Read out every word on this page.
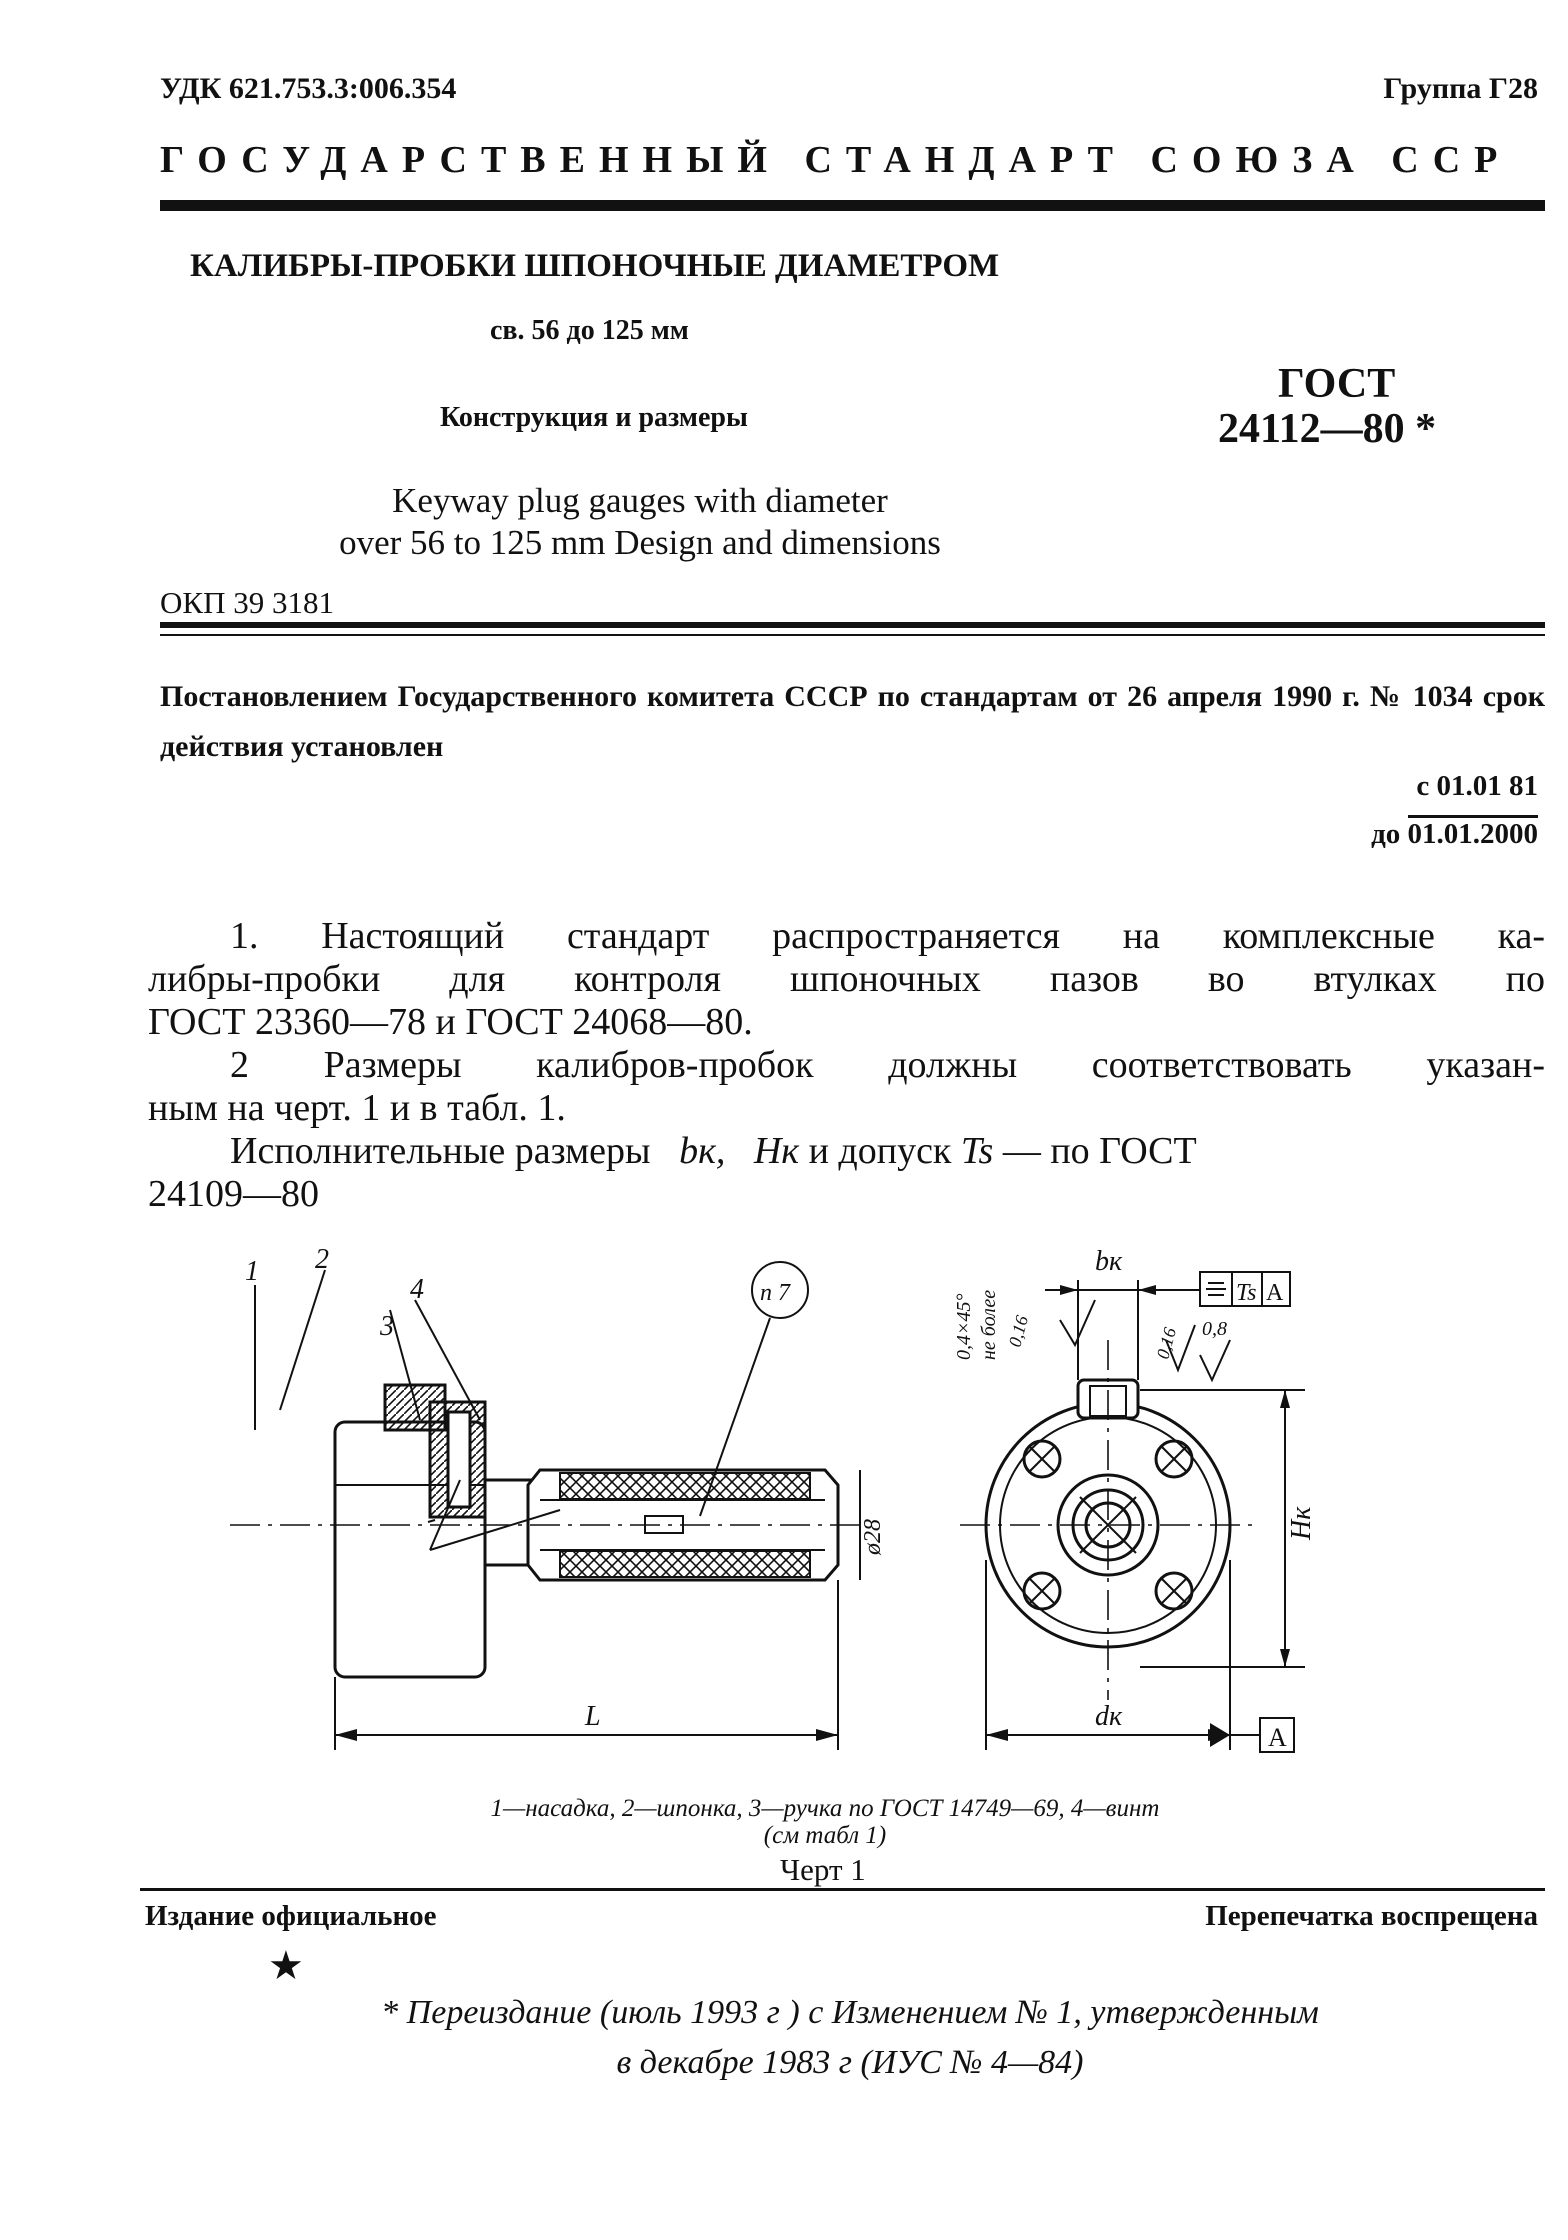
УДК 621.753.3:006.354	Группа Г28
ГОСУДАРСТВЕННЫЙ СТАНДАРТ СОЮЗА ССР
КАЛИБРЫ-ПРОБКИ ШПОНОЧНЫЕ ДИАМЕТРОМ
св. 56 до 125 мм
Конструкция и размеры
ГОСТ
24112—80 *
Keyway plug gauges with diameter
over 56 to 125 mm Design and dimensions
ОКП 39 3181
Постановлением Государственного комитета СССР по стандартам от 26 апреля 1990 г. № 1034 срок действия установлен
с 01.01 81
до 01.01.2000

1. Настоящий стандарт распространяется на комплексные ка-

либры-пробки для контроля шпоночных пазов во втулках по

ГОСТ 23360—78 и ГОСТ 24068—80.

2 Размеры калибров-пробок должны соответствовать указан-

ным на черт. 1 и в табл. 1.

Исполнительные размеры bк, Hк и допуск Ts — по ГОСТ

24109—80

1 2
4
3
п 7
ø28
L
bк
Hк
dк
0,4×45° не более 0,16	0,16 0,8
Ts A
A
1—насадка, 2—шпонка, 3—ручка по ГОСТ 14749—69, 4—винт
(см табл 1)
Черт 1
Издание официальное	Перепечатка воспрещена
★
* Переиздание (июль 1993 г ) с Изменением № 1, утвержденным
в декабре 1983 г (ИУС № 4—84)
